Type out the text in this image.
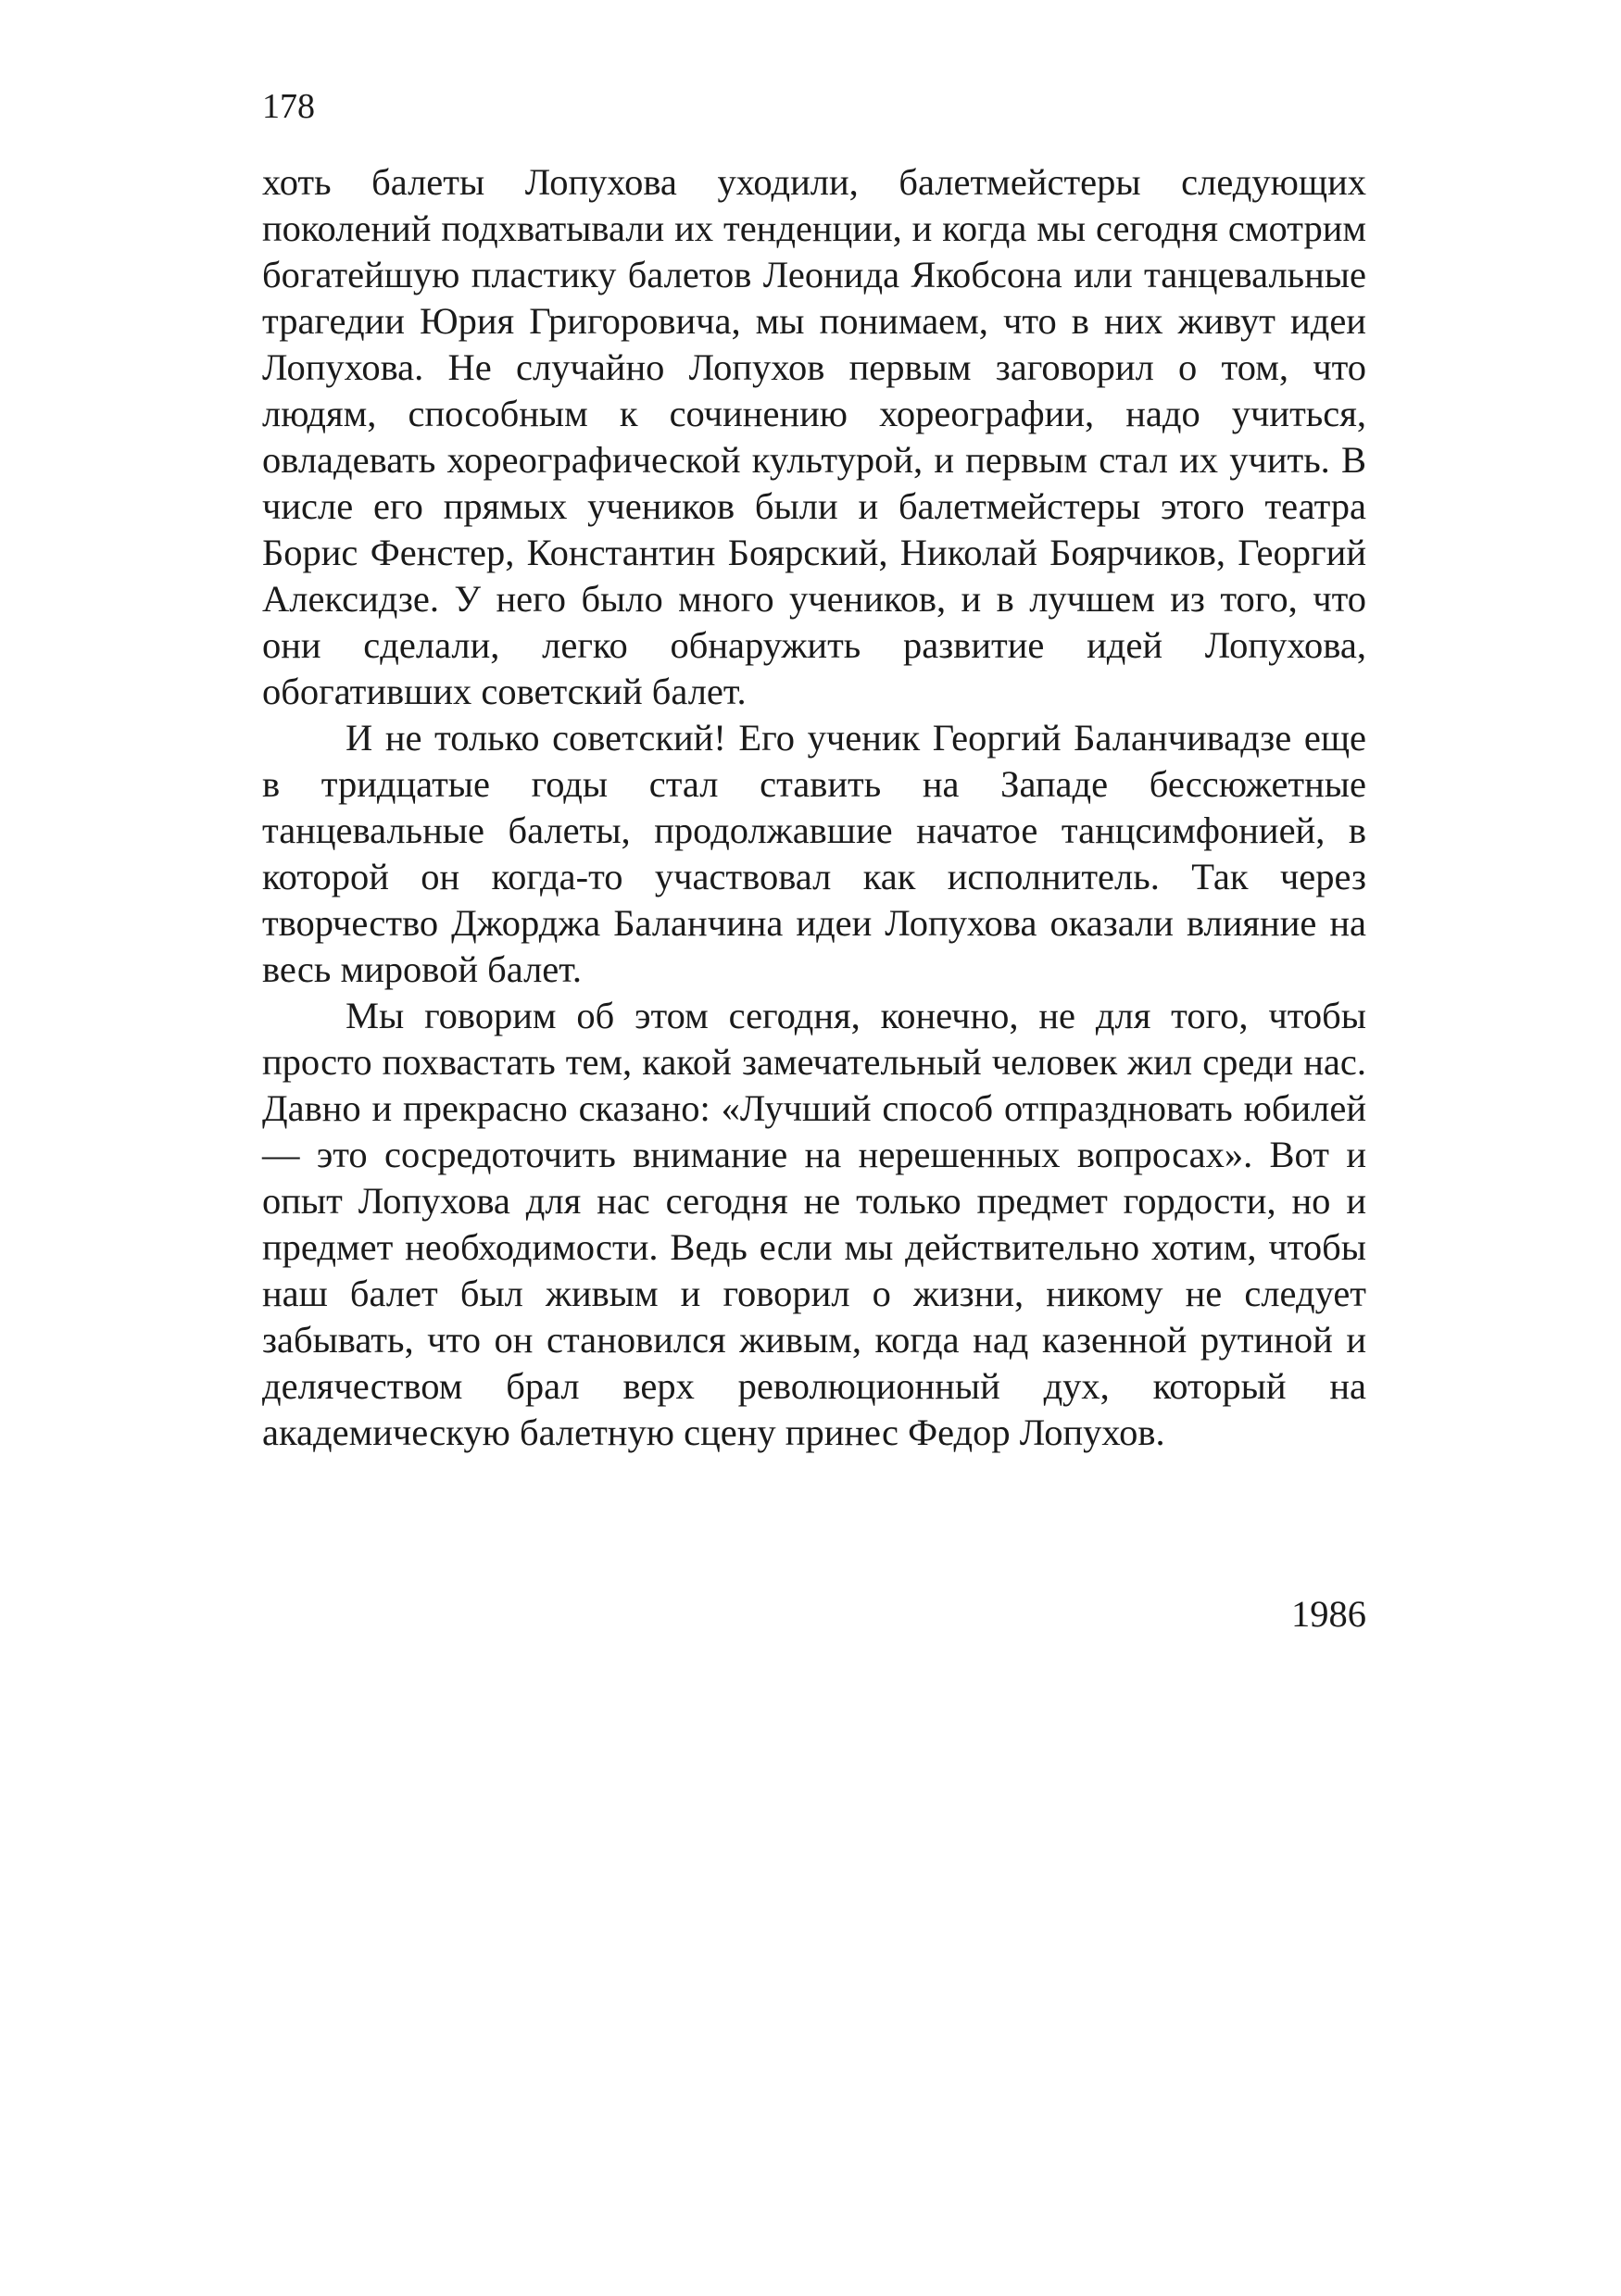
178

хоть балеты Лопухова уходили, балетмейстеры следующих поколений подхватывали их тенденции, и когда мы сегодня смотрим богатейшую пластику балетов Леонида Якобсона или танцевальные трагедии Юрия Григоровича, мы понимаем, что в них живут идеи Лопухова. Не случайно Лопухов первым заговорил о том, что людям, способным к сочинению хореографии, надо учиться, овладевать хореографической культурой, и первым стал их учить. В числе его прямых учеников были и балетмейстеры этого театра Борис Фенстер, Константин Боярский, Николай Боярчиков, Георгий Алексидзе. У него было много учеников, и в лучшем из того, что они сделали, легко обнаружить развитие идей Лопухова, обогативших советский балет.

И не только советский! Его ученик Георгий Баланчивадзе еще в тридцатые годы стал ставить на Западе бессюжетные танцевальные балеты, продолжавшие начатое танцсимфонией, в которой он когда-то участвовал как исполнитель. Так через творчество Джорджа Баланчина идеи Лопухова оказали влияние на весь мировой балет.

Мы говорим об этом сегодня, конечно, не для того, чтобы просто похвастать тем, какой замечательный человек жил среди нас. Давно и прекрасно сказано: «Лучший способ отпраздновать юбилей — это сосредоточить внимание на нерешенных вопросах». Вот и опыт Лопухова для нас сегодня не только предмет гордости, но и предмет необходимости. Ведь если мы действительно хотим, чтобы наш балет был живым и говорил о жизни, никому не следует забывать, что он становился живым, когда над казенной рутиной и делячеством брал верх революционный дух, который на академическую балетную сцену принес Федор Лопухов.

1986
